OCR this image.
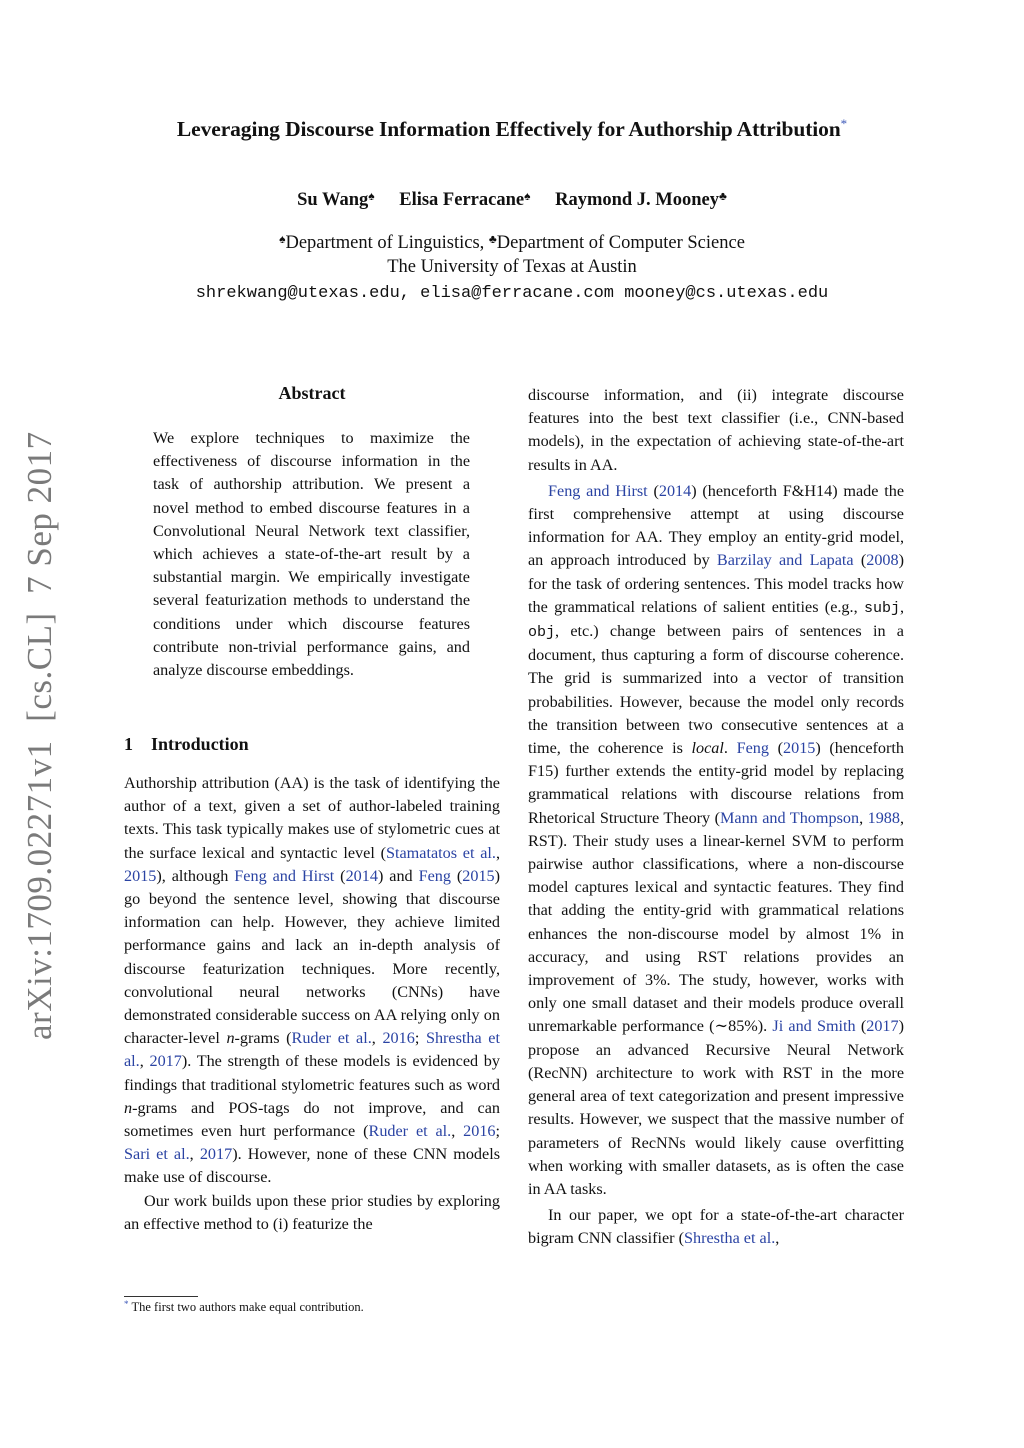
Leveraging Discourse Information Effectively for Authorship Attribution*
Su Wang♠ Elisa Ferracane♠ Raymond J. Mooney♣
♠Department of Linguistics, ♣Department of Computer Science
The University of Texas at Austin
shrekwang@utexas.edu, elisa@ferracane.com mooney@cs.utexas.edu
arXiv:1709.02271v1  [cs.CL]  7 Sep 2017
Abstract

We explore techniques to maximize the effectiveness of discourse information in the task of authorship attribution. We present a novel method to embed discourse features in a Convolutional Neural Network text classifier, which achieves a state-of-the-art result by a substantial margin. We empirically investigate several featurization methods to understand the conditions under which discourse features contribute non-trivial performance gains, and analyze discourse embeddings.

1 Introduction

Authorship attribution (AA) is the task of identifying the author of a text, given a set of author-labeled training texts. This task typically makes use of stylometric cues at the surface lexical and syntactic level (Stamatatos et al., 2015), although Feng and Hirst (2014) and Feng (2015) go beyond the sentence level, showing that discourse information can help. However, they achieve limited performance gains and lack an in-depth analysis of discourse featurization techniques. More recently, convolutional neural networks (CNNs) have demonstrated considerable success on AA relying only on character-level n-grams (Ruder et al., 2016; Shrestha et al., 2017). The strength of these models is evidenced by findings that traditional stylometric features such as word n-grams and POS-tags do not improve, and can sometimes even hurt performance (Ruder et al., 2016; Sari et al., 2017). However, none of these CNN models make use of discourse.

Our work builds upon these prior studies by exploring an effective method to (i) featurize the

discourse information, and (ii) integrate discourse features into the best text classifier (i.e., CNN-based models), in the expectation of achieving state-of-the-art results in AA.

Feng and Hirst (2014) (henceforth F&H14) made the first comprehensive attempt at using discourse information for AA. They employ an entity-grid model, an approach introduced by Barzilay and Lapata (2008) for the task of ordering sentences. This model tracks how the grammatical relations of salient entities (e.g., subj, obj, etc.) change between pairs of sentences in a document, thus capturing a form of discourse coherence. The grid is summarized into a vector of transition probabilities. However, because the model only records the transition between two consecutive sentences at a time, the coherence is local. Feng (2015) (henceforth F15) further extends the entity-grid model by replacing grammatical relations with discourse relations from Rhetorical Structure Theory (Mann and Thompson, 1988, RST). Their study uses a linear-kernel SVM to perform pairwise author classifications, where a non-discourse model captures lexical and syntactic features. They find that adding the entity-grid with grammatical relations enhances the non-discourse model by almost 1% in accuracy, and using RST relations provides an improvement of 3%. The study, however, works with only one small dataset and their models produce overall unremarkable performance (∼85%). Ji and Smith (2017) propose an advanced Recursive Neural Network (RecNN) architecture to work with RST in the more general area of text categorization and present impressive results. However, we suspect that the massive number of parameters of RecNNs would likely cause overfitting when working with smaller datasets, as is often the case in AA tasks.

In our paper, we opt for a state-of-the-art character bigram CNN classifier (Shrestha et al.,

* The first two authors make equal contribution.
